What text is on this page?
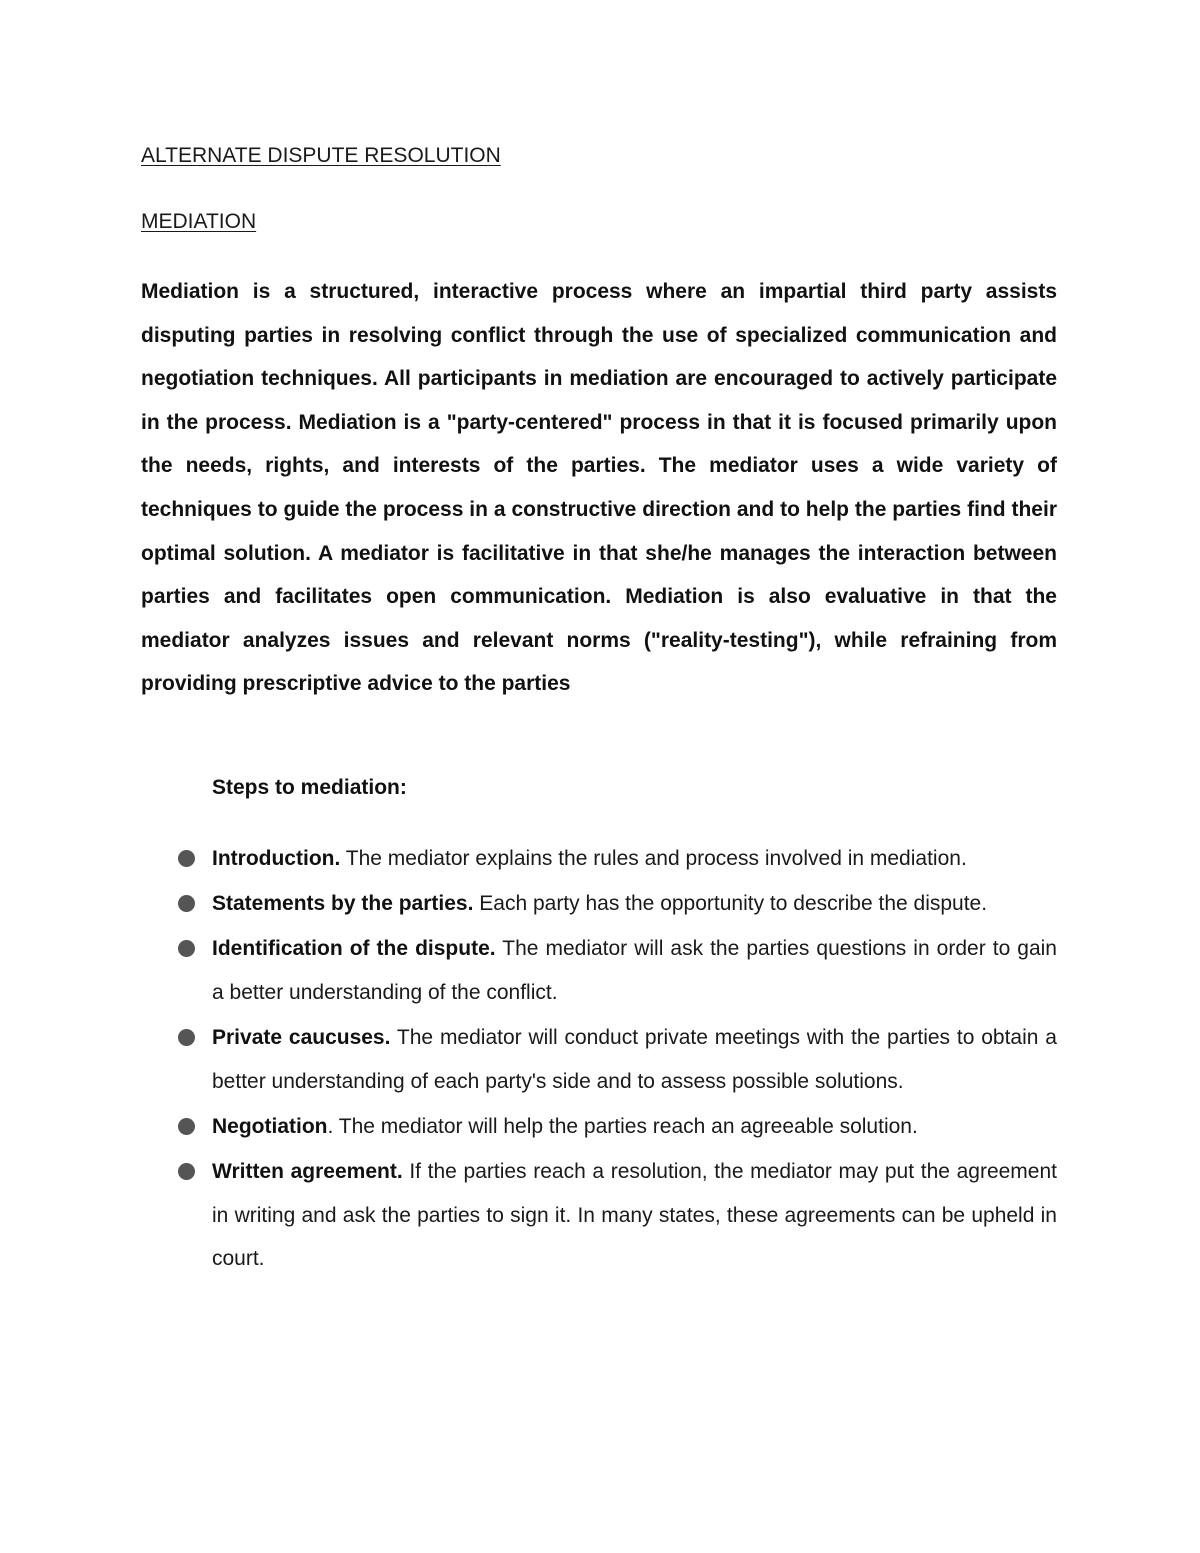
ALTERNATE DISPUTE RESOLUTION
MEDIATION

Mediation is a structured, interactive process where an impartial third party assists disputing parties in resolving conflict through the use of specialized communication and negotiation techniques. All participants in mediation are encouraged to actively participate in the process. Mediation is a "party-centered" process in that it is focused primarily upon the needs, rights, and interests of the parties. The mediator uses a wide variety of techniques to guide the process in a constructive direction and to help the parties find their optimal solution. A mediator is facilitative in that she/he manages the interaction between parties and facilitates open communication. Mediation is also evaluative in that the mediator analyzes issues and relevant norms ("reality-testing"), while refraining from providing prescriptive advice to the parties

Steps to mediation:

Introduction. The mediator explains the rules and process involved in mediation.
Statements by the parties. Each party has the opportunity to describe the dispute.
Identification of the dispute. The mediator will ask the parties questions in order to gain a better understanding of the conflict.
Private caucuses. The mediator will conduct private meetings with the parties to obtain a better understanding of each party's side and to assess possible solutions.
Negotiation. The mediator will help the parties reach an agreeable solution.
Written agreement. If the parties reach a resolution, the mediator may put the agreement in writing and ask the parties to sign it. In many states, these agreements can be upheld in court.
